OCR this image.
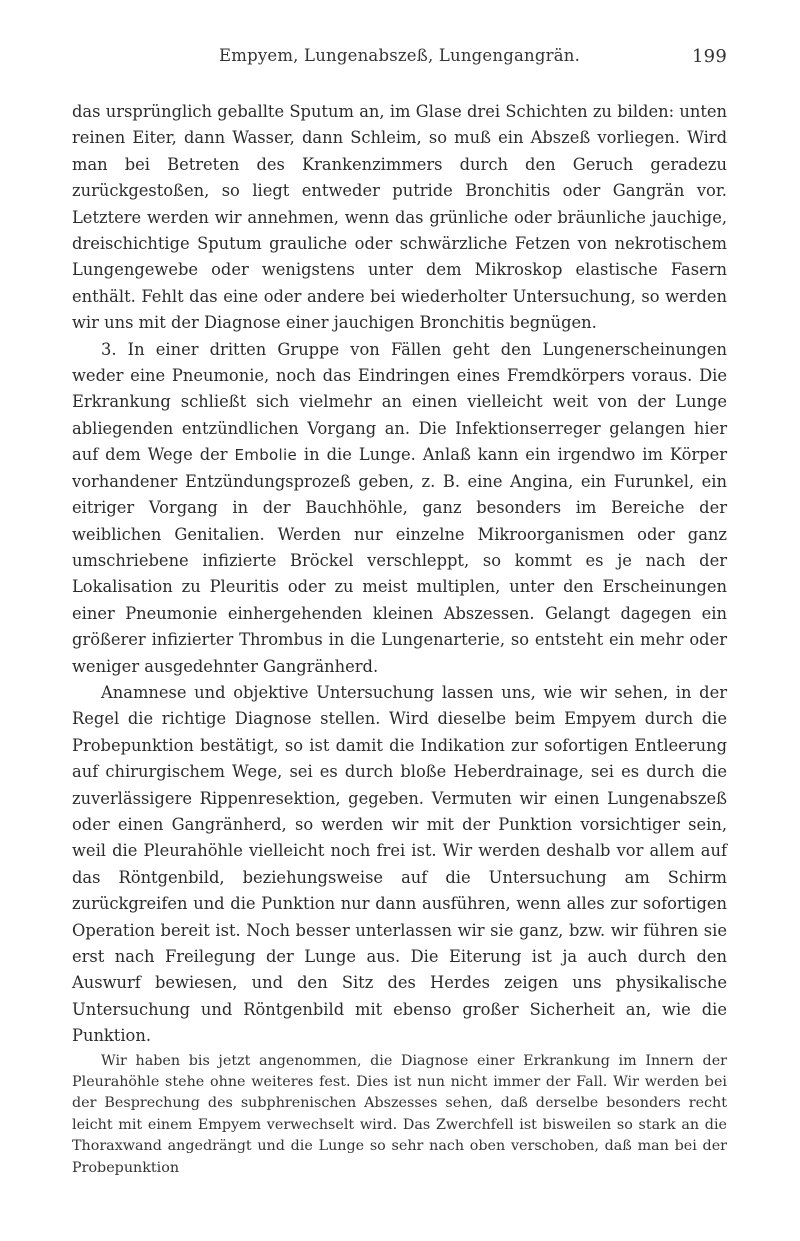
Empyem, Lungenabszeß, Lungengangrän.	199

das ursprünglich geballte Sputum an, im Glase drei Schichten zu bilden: unten reinen Eiter, dann Wasser, dann Schleim, so muß ein Abszeß vorliegen. Wird man bei Betreten des Krankenzimmers durch den Geruch geradezu zurückgestoßen, so liegt entweder putride Bronchitis oder Gangrän vor. Letztere werden wir annehmen, wenn das grünliche oder bräunliche jauchige, dreischichtige Sputum grauliche oder schwärzliche Fetzen von nekrotischem Lungengewebe oder wenigstens unter dem Mikroskop elastische Fasern enthält. Fehlt das eine oder andere bei wiederholter Untersuchung, so werden wir uns mit der Diagnose einer jauchigen Bronchitis begnügen.

3. In einer dritten Gruppe von Fällen geht den Lungenerscheinungen weder eine Pneumonie, noch das Eindringen eines Fremdkörpers voraus. Die Erkrankung schließt sich vielmehr an einen vielleicht weit von der Lunge abliegenden entzündlichen Vorgang an. Die Infektionserreger gelangen hier auf dem Wege der Embolie in die Lunge. Anlaß kann ein irgendwo im Körper vorhandener Entzündungsprozeß geben, z. B. eine Angina, ein Furunkel, ein eitriger Vorgang in der Bauchhöhle, ganz besonders im Bereiche der weiblichen Genitalien. Werden nur einzelne Mikroorganismen oder ganz umschriebene infizierte Bröckel verschleppt, so kommt es je nach der Lokalisation zu Pleuritis oder zu meist multiplen, unter den Erscheinungen einer Pneumonie einhergehenden kleinen Abszessen. Gelangt dagegen ein größerer infizierter Thrombus in die Lungenarterie, so entsteht ein mehr oder weniger ausgedehnter Gangränherd.

Anamnese und objektive Untersuchung lassen uns, wie wir sehen, in der Regel die richtige Diagnose stellen. Wird dieselbe beim Empyem durch die Probepunktion bestätigt, so ist damit die Indikation zur sofortigen Entleerung auf chirurgischem Wege, sei es durch bloße Heberdrainage, sei es durch die zuverlässigere Rippenresektion, gegeben. Vermuten wir einen Lungenabszeß oder einen Gangränherd, so werden wir mit der Punktion vorsichtiger sein, weil die Pleurahöhle vielleicht noch frei ist. Wir werden deshalb vor allem auf das Röntgenbild, beziehungsweise auf die Untersuchung am Schirm zurückgreifen und die Punktion nur dann ausführen, wenn alles zur sofortigen Operation bereit ist. Noch besser unterlassen wir sie ganz, bzw. wir führen sie erst nach Freilegung der Lunge aus. Die Eiterung ist ja auch durch den Auswurf bewiesen, und den Sitz des Herdes zeigen uns physikalische Untersuchung und Röntgenbild mit ebenso großer Sicherheit an, wie die Punktion.

Wir haben bis jetzt angenommen, die Diagnose einer Erkrankung im Innern der Pleurahöhle stehe ohne weiteres fest. Dies ist nun nicht immer der Fall. Wir werden bei der Besprechung des subphrenischen Abszesses sehen, daß derselbe besonders recht leicht mit einem Empyem verwechselt wird. Das Zwerchfell ist bisweilen so stark an die Thoraxwand angedrängt und die Lunge so sehr nach oben verschoben, daß man bei der Probepunktion
